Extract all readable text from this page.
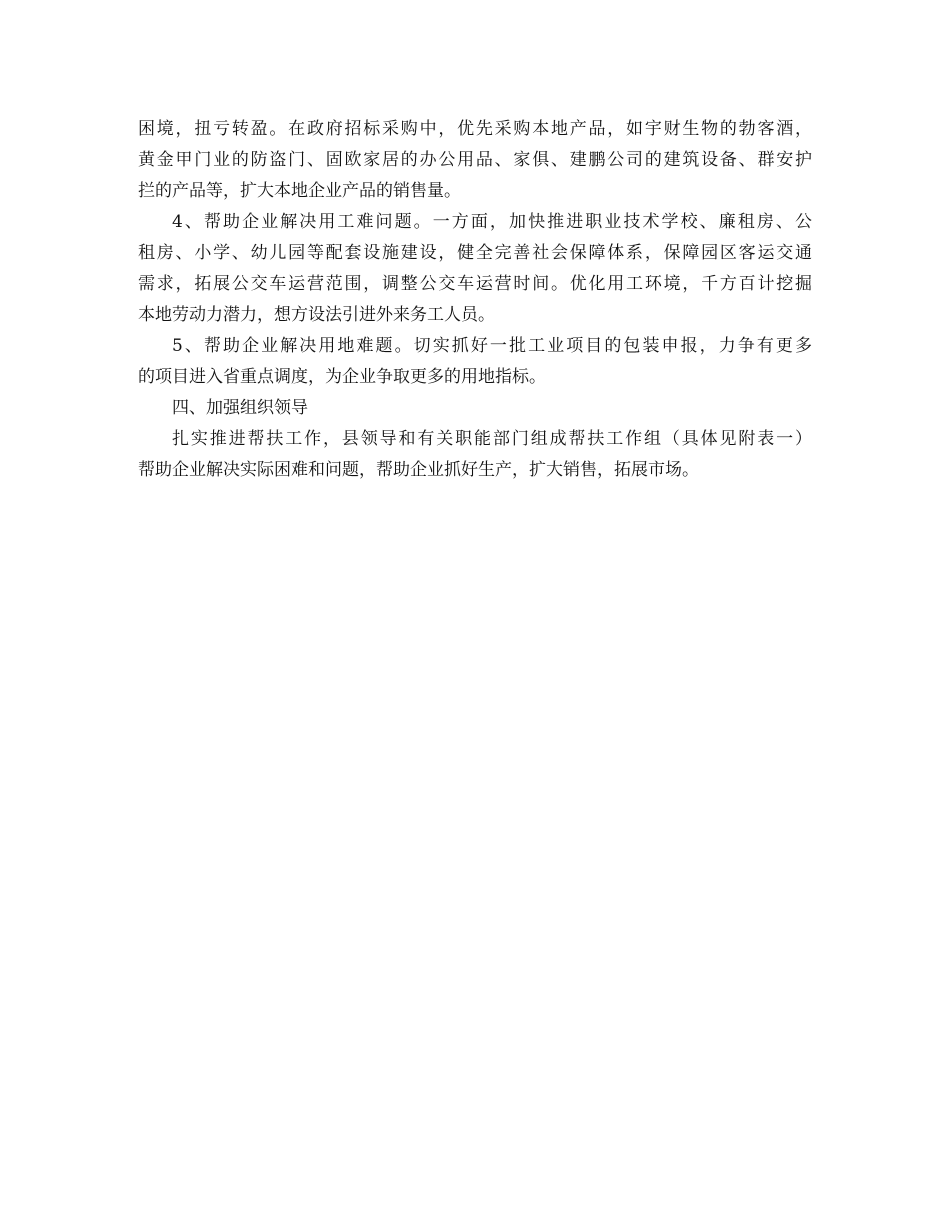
困境，扭亏转盈。在政府招标采购中，优先采购本地产品，如宇财生物的勃客酒，
黄金甲门业的防盗门、固欧家居的办公用品、家俱、建鹏公司的建筑设备、群安护
拦的产品等，扩大本地企业产品的销售量。
4、帮助企业解决用工难问题。一方面，加快推进职业技术学校、廉租房、公
租房、小学、幼儿园等配套设施建设，健全完善社会保障体系，保障园区客运交通
需求，拓展公交车运营范围，调整公交车运营时间。优化用工环境，千方百计挖掘
本地劳动力潜力，想方设法引进外来务工人员。
5、帮助企业解决用地难题。切实抓好一批工业项目的包装申报，力争有更多
的项目进入省重点调度，为企业争取更多的用地指标。
四、加强组织领导
扎实推进帮扶工作，县领导和有关职能部门组成帮扶工作组（具体见附表一）
帮助企业解决实际困难和问题，帮助企业抓好生产，扩大销售，拓展市场。
